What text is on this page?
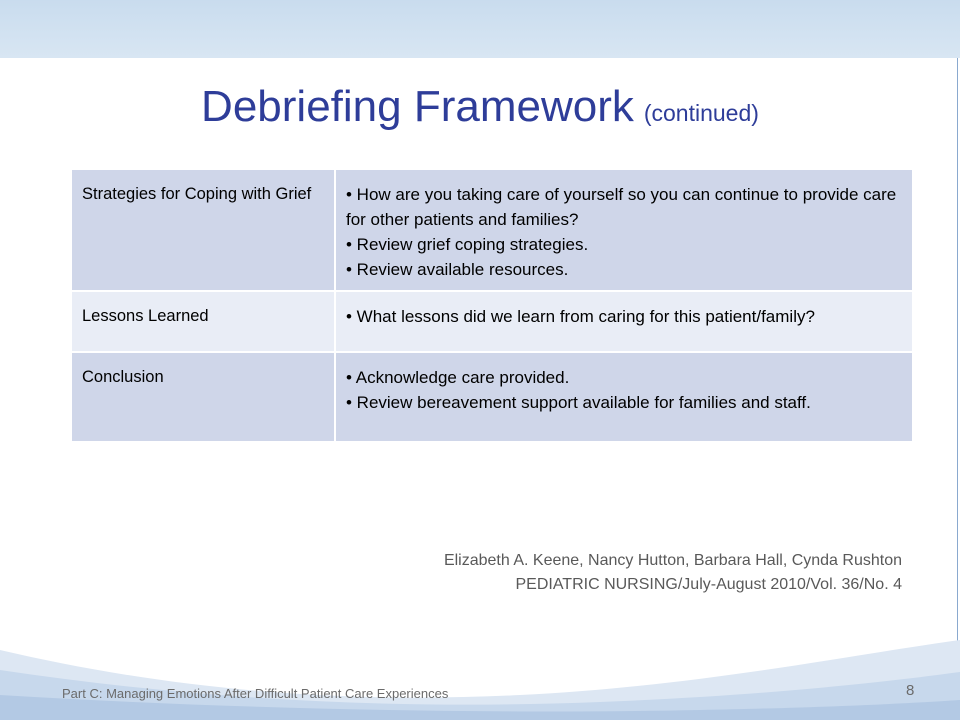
Debriefing Framework (continued)
Strategies for Coping with Grief	• How are you taking care of yourself so you can continue to provide care for other patients and families?
• Review grief coping strategies.
• Review available resources.

Lessons Learned	• What lessons did we learn from caring for this patient/family?

Conclusion	• Acknowledge care provided.
• Review bereavement support available for families and staff.
Elizabeth A. Keene, Nancy Hutton, Barbara Hall, Cynda Rushton
PEDIATRIC NURSING/July-August 2010/Vol. 36/No. 4
Part C: Managing Emotions After Difficult Patient Care Experiences	8
